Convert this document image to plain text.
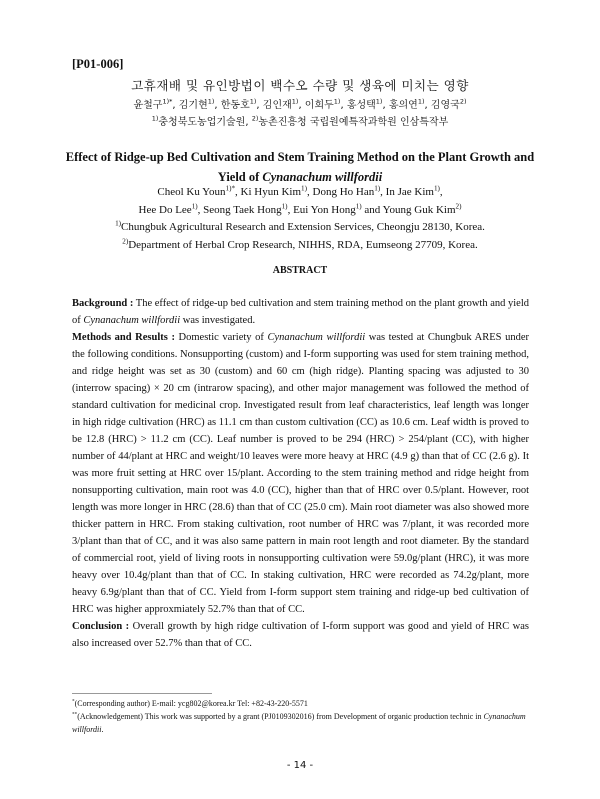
[P01-006]
고휴재배 및 유인방법이 백수오 수량 및 생육에 미치는 영향
윤철구$^{1)*}$, 김기현$^{1)}$, 한동호$^{1)}$, 김인재$^{1)}$, 이희두$^{1)}$, 홍성택$^{1)}$, 홍의연$^{1)}$, 김영국$^{2)}$
$^{1)}$충청북도농업기술원, $^{2)}$농촌진흥청 국립원예특작과학원 인삼특작부
Effect of Ridge-up Bed Cultivation and Stem Training Method on the Plant Growth and Yield of Cynanachum willfordii
Cheol Ku Youn$^{1)*}$, Ki Hyun Kim$^{1)}$, Dong Ho Han$^{1)}$, In Jae Kim$^{1)}$,
Hee Do Lee$^{1)}$, Seong Taek Hong$^{1)}$, Eui Yon Hong$^{1)}$ and Young Guk Kim$^{2)}$
$^{1)}$Chungbuk Agricultural Research and Extension Services, Cheongju 28130, Korea.
$^{2)}$Department of Herbal Crop Research, NIHHS, RDA, Eumseong 27709, Korea.
ABSTRACT

Background : The effect of ridge-up bed cultivation and stem training method on the plant growth and yield of Cynanachum willfordii was investigated.

Methods and Results : Domestic variety of Cynanachum willfordii was tested at Chungbuk ARES under the following conditions. Nonsupporting (custom) and I-form supporting was used for stem training method, and ridge height was set as 30 (custom) and 60 cm (high ridge). Planting spacing was adjusted to 30 (interrow spacing) × 20 cm (intrarow spacing), and other major management was followed the method of standard cultivation for medicinal crop. Investigated result from leaf characteristics, leaf length was longer in high ridge cultivation (HRC) as 11.1 cm than custom cultivation (CC) as 10.6 cm. Leaf width is proved to be 12.8 (HRC) > 11.2 cm (CC). Leaf number is proved to be 294 (HRC) > 254/plant (CC), with higher number of 44/plant at HRC and weight/10 leaves were more heavy at HRC (4.9 g) than that of CC (2.6 g). It was more fruit setting at HRC over 15/plant. According to the stem training method and ridge height from nonsupporting cultivation, main root was 4.0 (CC), higher than that of HRC over 0.5/plant. However, root length was more longer in HRC (28.6) than that of CC (25.0 cm). Main root diameter was also showed more thicker pattern in HRC. From staking cultivation, root number of HRC was 7/plant, it was recorded more 3/plant than that of CC, and it was also same pattern in main root length and root diameter. By the standard of commercial root, yield of living roots in nonsupporting cultivation were 59.0g/plant (HRC), it was more heavy over 10.4g/plant than that of CC. In staking cultivation, HRC were recorded as 74.2g/plant, more heavy 6.9g/plant than that of CC. Yield from I-form support stem training and ridge-up bed cultivation of HRC was higher approxmiately 52.7% than that of CC.

Conclusion : Overall growth by high ridge cultivation of I-form support was good and yield of HRC was also increased over 52.7% than that of CC.

*(Corresponding author) E-mail: ycg802@korea.kr Tel: +82-43-220-5571

**(Acknowledgement) This work was supported by a grant (PJ0109302016) from Development of organic production technic in Cynanachum willfordii.

- 14 -
